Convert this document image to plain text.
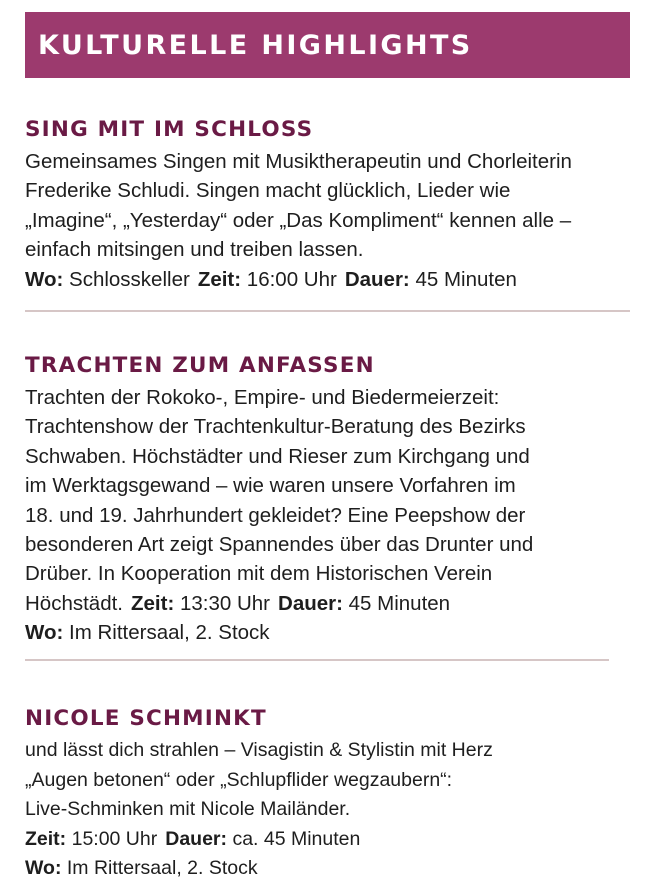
KULTURELLE HIGHLIGHTS
SING MIT IM SCHLOSS

Gemeinsames Singen mit Musiktherapeutin und Chorleiterin

Frederike Schludi. Singen macht glücklich, Lieder wie

„Imagine“, „Yesterday“ oder „Das Kompliment“ kennen alle –

einfach mitsingen und treiben lassen.

Wo: Schlosskeller Zeit: 16:00 Uhr Dauer: 45 Minuten

TRACHTEN ZUM ANFASSEN

Trachten der Rokoko-, Empire- und Biedermeierzeit:

Trachtenshow der Trachtenkultur-Beratung des Bezirks

Schwaben. Höchstädter und Rieser zum Kirchgang und

im Werktagsgewand – wie waren unsere Vorfahren im

18. und 19. Jahrhundert gekleidet? Eine Peepshow der

besonderen Art zeigt Spannendes über das Drunter und

Drüber. In Kooperation mit dem Historischen Verein

Höchstädt. Zeit: 13:30 Uhr Dauer: 45 Minuten

Wo: Im Rittersaal, 2. Stock

NICOLE SCHMINKT

und lässt dich strahlen – Visagistin & Stylistin mit Herz

„Augen betonen“ oder „Schlupflider wegzaubern“:

Live-Schminken mit Nicole Mailänder.

Zeit: 15:00 Uhr Dauer: ca. 45 Minuten

Wo: Im Rittersaal, 2. Stock
